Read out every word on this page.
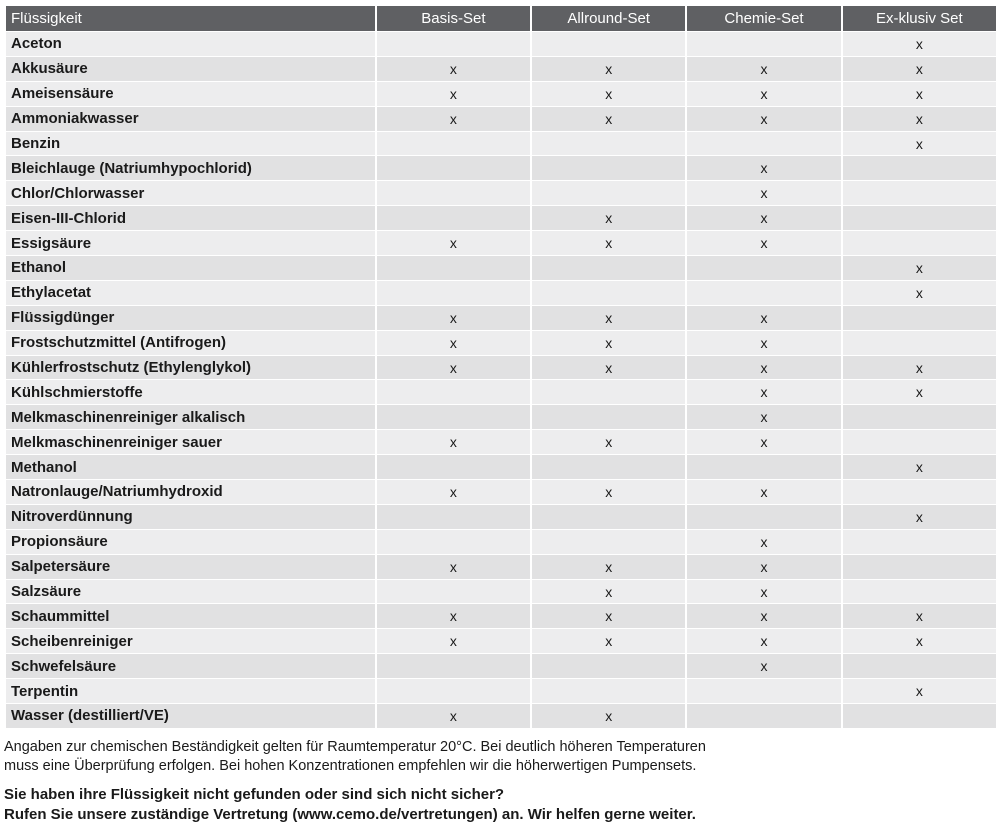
Flüssigkeit	Basis-Set	Allround-Set	Chemie-Set	Ex-klusiv Set
Aceton				x
Akkusäure	x	x	x	x
Ameisensäure	x	x	x	x
Ammoniakwasser	x	x	x	x
Benzin				x
Bleichlauge (Natriumhypochlorid)			x	
Chlor/Chlorwasser			x	
Eisen-III-Chlorid		x	x	
Essigsäure	x	x	x	
Ethanol				x
Ethylacetat				x
Flüssigdünger	x	x	x	
Frostschutzmittel (Antifrogen)	x	x	x	
Kühlerfrostschutz (Ethylenglykol)	x	x	x	x
Kühlschmierstoffe			x	x
Melkmaschinenreiniger alkalisch			x	
Melkmaschinenreiniger sauer	x	x	x	
Methanol				x
Natronlauge/Natriumhydroxid	x	x	x	
Nitroverdünnung				x
Propionsäure			x	
Salpetersäure	x	x	x	
Salzsäure		x	x	
Schaummittel	x	x	x	x
Scheibenreiniger	x	x	x	x
Schwefelsäure			x	
Terpentin				x
Wasser (destilliert/VE)	x	x		
Angaben zur chemischen Beständigkeit gelten für Raumtemperatur 20°C. Bei deutlich höheren Temperaturen
muss eine Überprüfung erfolgen. Bei hohen Konzentrationen empfehlen wir die höherwertigen Pumpensets.
Sie haben ihre Flüssigkeit nicht gefunden oder sind sich nicht sicher?
Rufen Sie unsere zuständige Vertretung (www.cemo.de/vertretungen) an. Wir helfen gerne weiter.
